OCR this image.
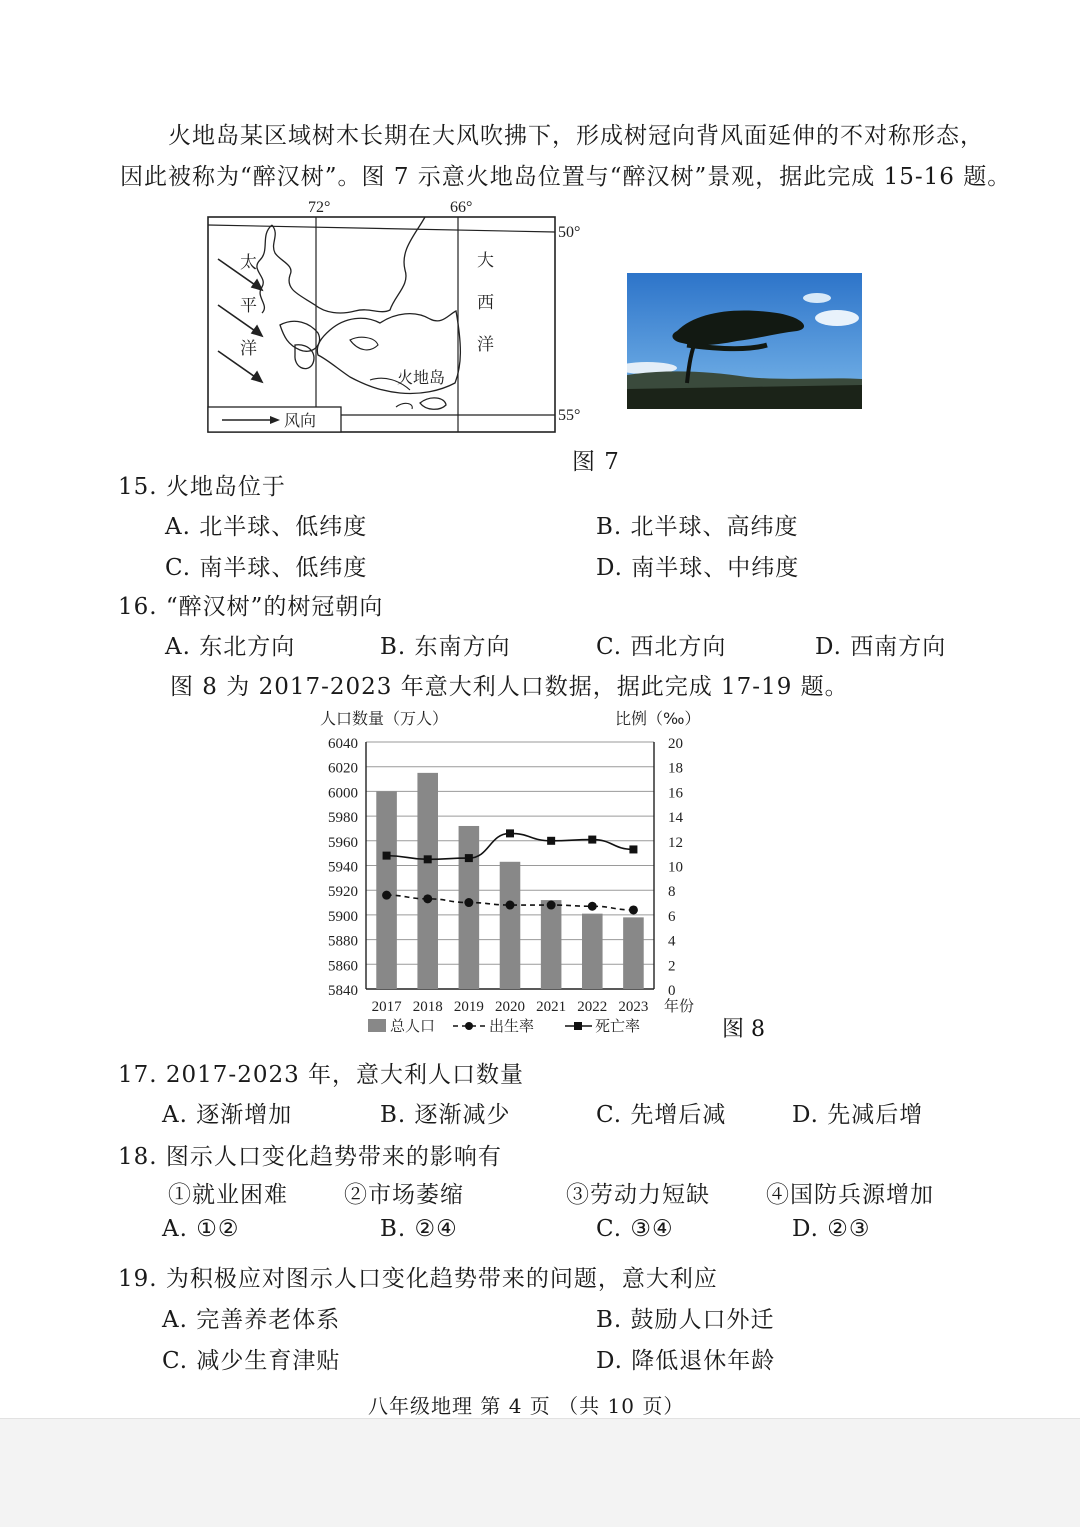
火地岛某区域树木长期在大风吹拂下，形成树冠向背风面延伸的不对称形态，
因此被称为“醉汉树”。图 7 示意火地岛位置与“醉汉树”景观，据此完成 15-16 题。
72°	66°
50°
55°
太
平
洋
大
西
洋
火地岛
风向
图 7
15. 火地岛位于
A. 北半球、低纬度	B. 北半球、高纬度
C. 南半球、低纬度	D. 南半球、中纬度
16. “醉汉树”的树冠朝向
A. 东北方向	B. 东南方向	C. 西北方向	D. 西南方向
图 8 为 2017-2023 年意大利人口数据，据此完成 17-19 题。
人口数量（万人）	比例（‰）
6040	20
6020	18
6000	16
5980	14
5960	12
5940	10
5920	8
5900	6
5880	4
5860	2
5840	0
2017 2018 2019 2020 2021 2022 2023 年份
总人口	出生率	死亡率	图 8
17. 2017-2023 年，意大利人口数量
A. 逐渐增加	B. 逐渐减少	C. 先增后减	D. 先减后增
18. 图示人口变化趋势带来的影响有
①就业困难 ②市场萎缩	③劳动力短缺 ④国防兵源增加
A. ①②	B. ②④	C. ③④	D. ②③
19. 为积极应对图示人口变化趋势带来的问题，意大利应
A. 完善养老体系	B. 鼓励人口外迁
C. 减少生育津贴	D. 降低退休年龄
八年级地理 第 4 页 （共 10 页）
